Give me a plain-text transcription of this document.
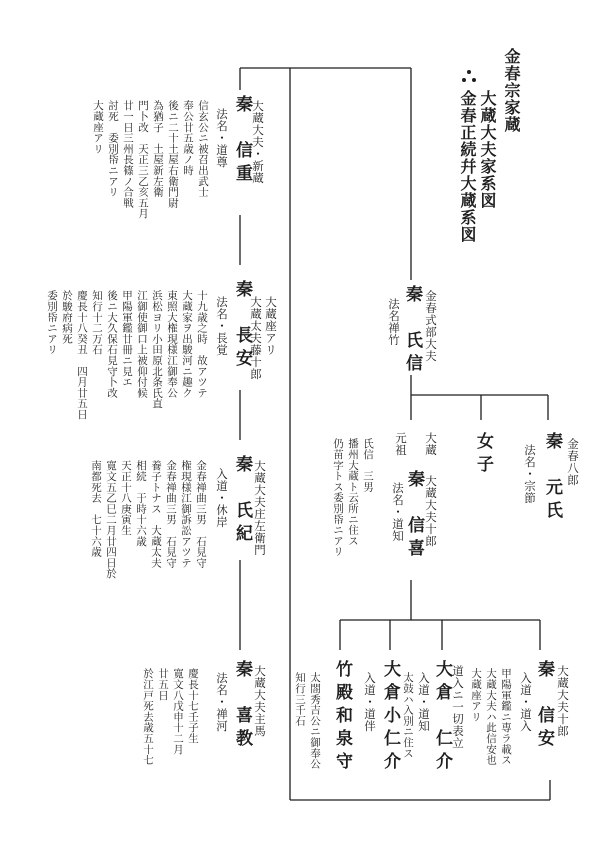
金春宗家蔵
大蔵大夫家系図
金春正続幷大蔵系図
金春式部大夫
秦　氏信
法名禅竹
金春八郎
秦　元氏
法名・宗節
女子
大蔵
大蔵大夫十郎
元祖
秦　信喜
法名・道知
氏信　三男
播州大蔵ト云所ニ住ス
仍苗字トス委別帋ニアリ
大蔵大夫・新蔵
秦　信重
法名・道尊
信玄公ニ被召出武士
奉公廿五歳ノ時
後ニ二十土屋右衛門尉
為猶子　土屋新左衛
門卜改　天正三乙亥五月
廿一日三州長篠ノ合戦
討死　委別帋ニアリ
大蔵座アリ
大蔵座アリ
大蔵太夫藤十郎
秦　長安
法名・長覚
十九歳之時　故アツテ
大蔵家ヲ出駿河ニ趣ク
東照大権現様江御奉公
浜松ヨリ小田原北条氏直
江御使御口上被仰付候
甲陽軍鑑廿冊ニ見エ
後ニ大久保石見守卜改
知行十二万石
慶長十八癸丑　四月廿五日
於駿府病死
委別帋ニアリ
大蔵大夫庄左衛門
秦　氏紀
入道・休岸
金春禅曲三男　石見守
権現様江御訴訟アツテ
金春禅曲三男　石見守
養子トナス　大蔵太夫
相続　于時十六歳
天正十八庚寅生
寛文五乙巳二月廿四日於
南都死去　七十六歳
大蔵大夫主馬
秦　喜教
法名・禅河
慶長十七壬子生
寛文八戊申十二月
廿五日
於江戸死去歳五十七	大蔵大夫十郎
秦　信安
入道・道入
甲陽軍鑑ニ専ラ載ス
大蔵大夫ハ此信安也
大蔵座アリ
道入ニ一切表立
大倉　仁介
入道・道知
太鼓ハ入別ニ住ス
大倉小仁介
入道・道伴
竹殿和泉守
太閤秀吉公ニ御奉公
知行三千石
